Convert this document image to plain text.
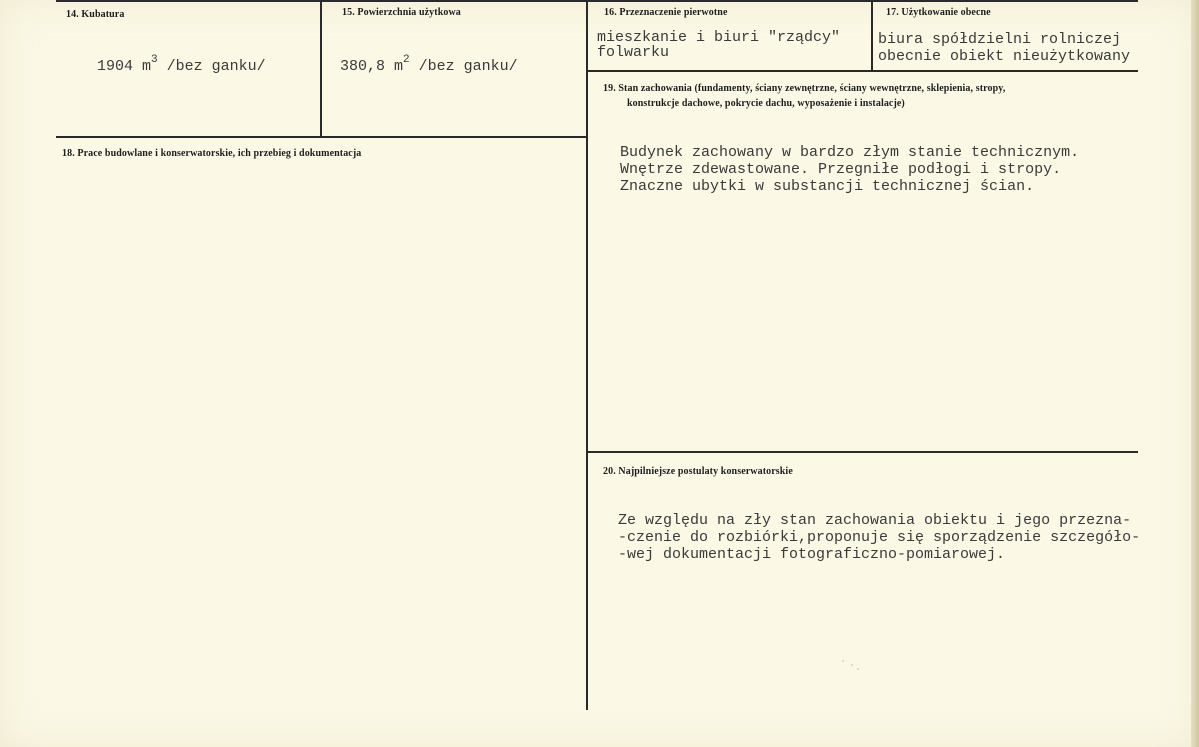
14. Kubatura
1904 $m^3$ /bez ganku/
15. Powierzchnia użytkowa
380,8 $m^2$ /bez ganku/
16. Przeznaczenie pierwotne
mieszkanie i biuri "rządcy"
folwarku
17. Użytkowanie obecne
biura spółdzielni rolniczej
obecnie obiekt nieużytkowany
18. Prace budowlane i konserwatorskie, ich przebieg i dokumentacja
19. Stan zachowania (fundamenty, ściany zewnętrzne, ściany wewnętrzne, sklepienia, stropy,
konstrukcje dachowe, pokrycie dachu, wyposażenie i instalacje)
Budynek zachowany w bardzo złym stanie technicznym.
Wnętrze zdewastowane. Przegniłe podłogi i stropy.
Znaczne ubytki w substancji technicznej ścian.
20. Najpilniejsze postulaty konserwatorskie
Ze względu na zły stan zachowania obiektu i jego przezna-
-czenie do rozbiórki,proponuje się sporządzenie szczegóło-
-wej dokumentacji fotograficzno-pomiarowej.
